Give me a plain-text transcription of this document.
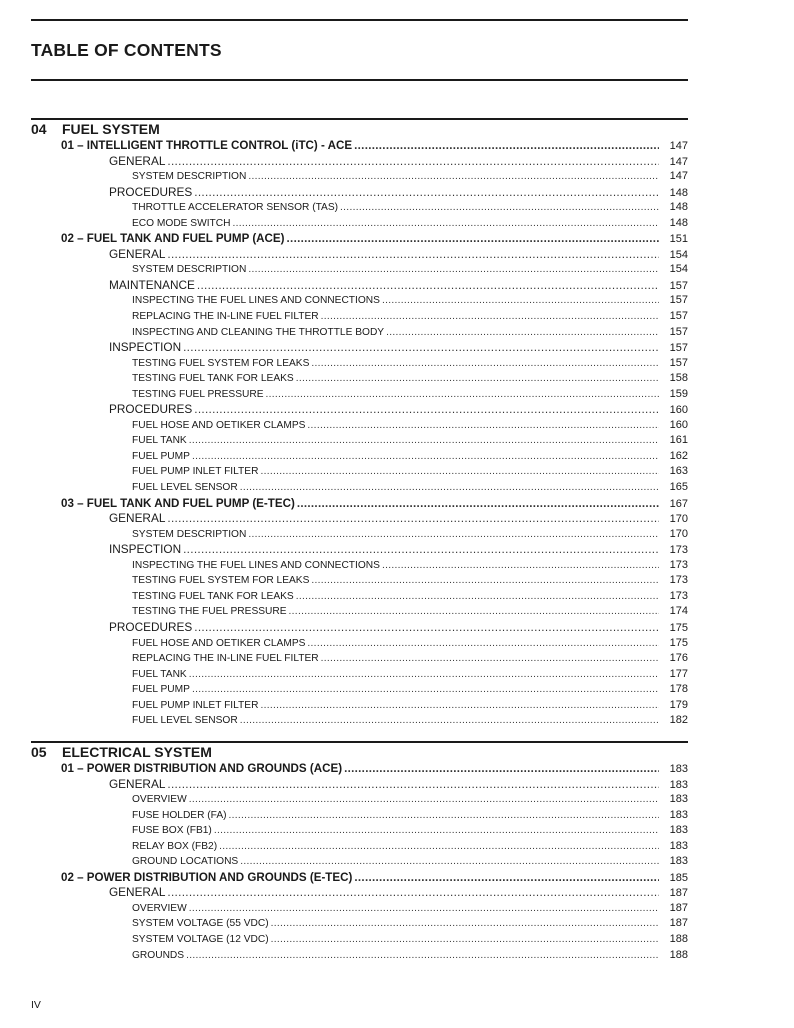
TABLE OF CONTENTS
04 FUEL SYSTEM
01 – INTELLIGENT THROTTLE CONTROL (iTC) - ACE .....	147
GENERAL .....	147
SYSTEM DESCRIPTION .....	147
PROCEDURES .....	148
THROTTLE ACCELERATOR SENSOR (TAS) .....	148
ECO MODE SWITCH .....	148
02 – FUEL TANK AND FUEL PUMP (ACE) .....	151
GENERAL .....	154
SYSTEM DESCRIPTION .....	154
MAINTENANCE .....	157
INSPECTING THE FUEL LINES AND CONNECTIONS .....	157
REPLACING THE IN-LINE FUEL FILTER .....	157
INSPECTING AND CLEANING THE THROTTLE BODY .....	157
INSPECTION .....	157
TESTING FUEL SYSTEM FOR LEAKS .....	157
TESTING FUEL TANK FOR LEAKS .....	158
TESTING FUEL PRESSURE .....	159
PROCEDURES .....	160
FUEL HOSE AND OETIKER CLAMPS .....	160
FUEL TANK .....	161
FUEL PUMP .....	162
FUEL PUMP INLET FILTER .....	163
FUEL LEVEL SENSOR .....	165
03 – FUEL TANK AND FUEL PUMP (E-TEC) .....	167
GENERAL .....	170
SYSTEM DESCRIPTION .....	170
INSPECTION .....	173
INSPECTING THE FUEL LINES AND CONNECTIONS .....	173
TESTING FUEL SYSTEM FOR LEAKS .....	173
TESTING FUEL TANK FOR LEAKS .....	173
TESTING THE FUEL PRESSURE .....	174
PROCEDURES .....	175
FUEL HOSE AND OETIKER CLAMPS .....	175
REPLACING THE IN-LINE FUEL FILTER .....	176
FUEL TANK .....	177
FUEL PUMP .....	178
FUEL PUMP INLET FILTER .....	179
FUEL LEVEL SENSOR .....	182
05 ELECTRICAL SYSTEM
01 – POWER DISTRIBUTION AND GROUNDS (ACE) .....	183
GENERAL .....	183
OVERVIEW .....	183
FUSE HOLDER (FA) .....	183
FUSE BOX (FB1) .....	183
RELAY BOX (FB2) .....	183
GROUND LOCATIONS .....	183
02 – POWER DISTRIBUTION AND GROUNDS (E-TEC) .....	185
GENERAL .....	187
OVERVIEW .....	187
SYSTEM VOLTAGE (55 VDC) .....	187
SYSTEM VOLTAGE (12 VDC) .....	188
GROUNDS .....	188
IV
